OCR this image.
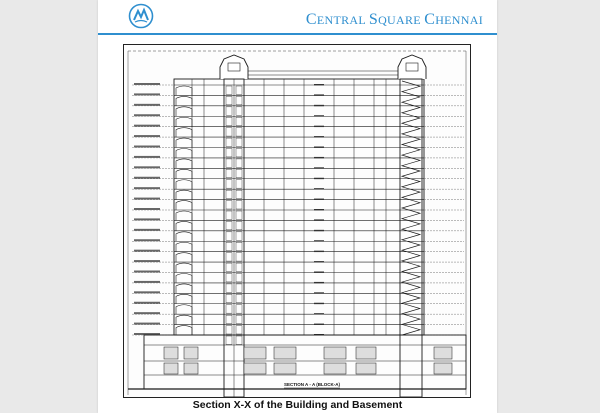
CENTRAL SQUARE CHENNAI
SECTION A - A (BLOCK-A)
Section X-X of the Building and Basement
